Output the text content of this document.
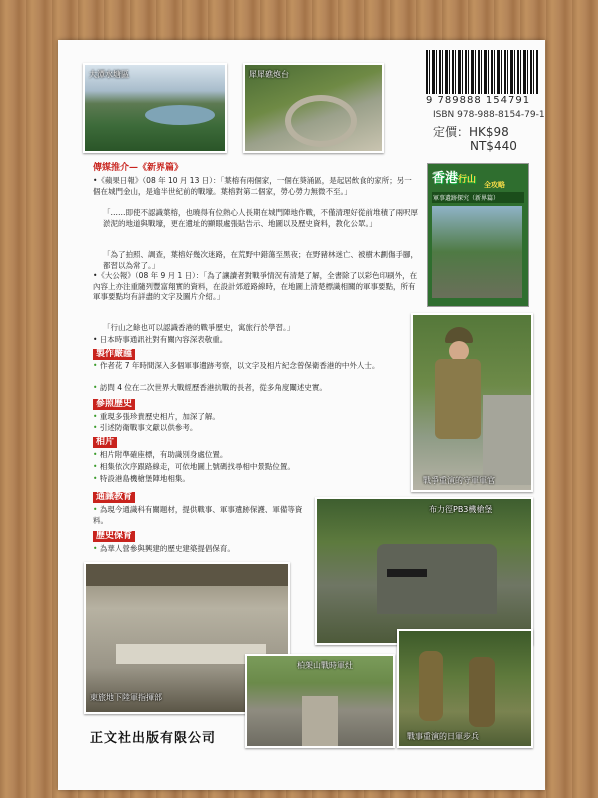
大潭水塘區	犀犀礁炮台
9 789888 154791
ISBN 978-988-8154-79-1
定價：HK$98
NT$440
香港行山 全攻略
軍事遺跡探究（新界篇）
傳媒推介—《新界篇》
•《蘋果日報》（08 年 10 月 13 日）：「葉榕有兩個家，一個在葵涌區，是起居飲食的家所；另一個在城門金山，是逾半世紀前的戰壕。葉榕對第二個家，勞心勞力無微不至。」
「……即使不認識葉榕，也曉得有位熱心人長期在城門陣地作戰，不僅清理好從前堆積了兩呎厚淤泥的地道與戰壕，更在遺址的顯眼處張貼告示、地圖以及歷史資料，教化公眾。」
「為了拍照、調查，葉榕好幾次迷路，在荒野中錯蕩至黑夜；在野豬林迷亡、被樹木劃傷手腳，都習以為常了。」
•《大公報》（08 年 9 月 1 日）：「為了讓讀者對戰爭情況有清楚了解，全書除了以彩色印刷外，在內容上亦注重隨列豐富翔實的資料，在設計郊遊路線時，在地圖上清楚標識相關的軍事要點，所有軍事要點均有詳盡的文字及圖片介紹。」
「行山之餘也可以認識香港的戰爭歷史，寓旅行於學習。」
• 日本時事通訊社對有關內容深表敬重。
戰爭重演的守軍軍官
製作嚴謹
• 作者花 7 年時間深入多個軍事遺跡考察，以文字及相片紀念曾保衛香港的中外人士。
• 訪問 4 位在二次世界大戰經歷香港抗戰的長者，從多角度闡述史實。
參照歷史
• 重現多張珍貴歷史相片，加深了解。
• 引述防衛戰事文獻以供參考。
相片
• 相片附準確座標，有助識別身處位置。
• 相集依次序跟路線走，可依地圖上號碼找尋相中景點位置。
• 特設港島機槍堡陣地相集。
通識教育
• 為現今通識科有關題材，提供戰事、軍事遺跡保護、軍備等資料。
歷史保育
• 為華人營參與興建的歷史建築提倡保育。
布力徑PB3機槍堡
東旅地下陸軍指揮部
柏架山戰時軍灶
戰事重演的日軍步兵
正文社出版有限公司
